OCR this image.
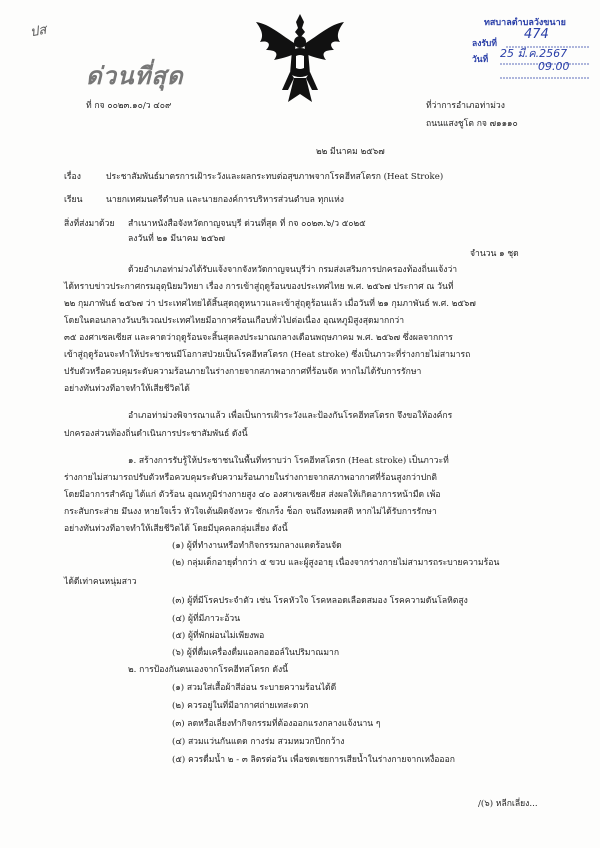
ปส
ด่วนที่สุด
ทสบาลตำบลวังขนาย
ลงรับที่
474
วันที่ 25 มี.ค.2567
09.00
ที่ กจ ๐๐๒๓.๑๐/ว ๔๐๙	ที่ว่าการอำเภอท่าม่วง
ถนนแสงชูโต กจ ๗๑๑๑๐
๒๒ มีนาคม ๒๕๖๗
เรื่อง	ประชาสัมพันธ์มาตรการเฝ้าระวังและผลกระทบต่อสุขภาพจากโรคฮีทสโตรก (Heat Stroke)
เรียน	นายกเทศมนตรีตำบล และนายกองค์การบริหารส่วนตำบล ทุกแห่ง
สิ่งที่ส่งมาด้วย สำเนาหนังสือจังหวัดกาญจนบุรี ด่วนที่สุด ที่ กจ ๐๐๒๓.๖/ว ๕๐๒๕
ลงวันที่ ๒๑ มีนาคม ๒๕๖๗
จำนวน ๑ ชุด
ด้วยอำเภอท่าม่วงได้รับแจ้งจากจังหวัดกาญจนบุรีว่า กรมส่งเสริมการปกครองท้องถิ่นแจ้งว่า
ได้ทราบข่าวประกาศกรมอุตุนิยมวิทยา เรื่อง การเข้าสู่ฤดูร้อนของประเทศไทย พ.ศ. ๒๕๖๗ ประกาศ ณ วันที่
๒๒ กุมภาพันธ์ ๒๕๖๗ ว่า ประเทศไทยได้สิ้นสุดฤดูหนาวและเข้าสู่ฤดูร้อนแล้ว เมื่อวันที่ ๒๑ กุมภาพันธ์ พ.ศ. ๒๕๖๗
โดยในตอนกลางวันบริเวณประเทศไทยมีอากาศร้อนเกือบทั่วไปต่อเนื่อง อุณหภูมิสูงสุดมากกว่า
๓๕ องศาเซลเซียส และคาดว่าฤดูร้อนจะสิ้นสุดลงประมาณกลางเดือนพฤษภาคม พ.ศ. ๒๕๖๗ ซึ่งผลจากการ
เข้าสู่ฤดูร้อนจะทำให้ประชาชนมีโอกาสป่วยเป็นโรคฮีทสโตรก (Heat stroke) ซึ่งเป็นภาวะที่ร่างกายไม่สามารถ
ปรับตัวหรือควบคุมระดับความร้อนภายในร่างกายจากสภาพอากาศที่ร้อนจัด หากไม่ได้รับการรักษา
อย่างทันท่วงทีอาจทำให้เสียชีวิตได้
อำเภอท่าม่วงพิจารณาแล้ว เพื่อเป็นการเฝ้าระวังและป้องกันโรคฮีทสโตรก จึงขอให้องค์กร
ปกครองส่วนท้องถิ่นดำเนินการประชาสัมพันธ์ ดังนี้
๑. สร้างการรับรู้ให้ประชาชนในพื้นที่ทราบว่า โรคฮีทสโตรก (Heat stroke) เป็นภาวะที่
ร่างกายไม่สามารถปรับตัวหรือควบคุมระดับความร้อนภายในร่างกายจากสภาพอากาศที่ร้อนสูงกว่าปกติ
โดยมีอาการสำคัญ ได้แก่ ตัวร้อน อุณหภูมิร่างกายสูง ๔๐ องศาเซลเซียส ส่งผลให้เกิดอาการหน้ามืด เพ้อ
กระสับกระส่าย มึนงง หายใจเร็ว หัวใจเต้นผิดจังหวะ ชักเกร็ง ช็อก จนถึงหมดสติ หากไม่ได้รับการรักษา
อย่างทันท่วงทีอาจทำให้เสียชีวิตได้ โดยมีบุคคลกลุ่มเสี่ยง ดังนี้
(๑) ผู้ที่ทำงานหรือทำกิจกรรมกลางแดดร้อนจัด
(๒) กลุ่มเด็กอายุต่ำกว่า ๕ ขวบ และผู้สูงอายุ เนื่องจากร่างกายไม่สามารถระบายความร้อน
ได้ดีเท่าคนหนุ่มสาว
(๓) ผู้ที่มีโรคประจำตัว เช่น โรคหัวใจ โรคหลอดเลือดสมอง โรคความดันโลหิตสูง
(๔) ผู้ที่มีภาวะอ้วน
(๕) ผู้ที่พักผ่อนไม่เพียงพอ
(๖) ผู้ที่ดื่มเครื่องดื่มแอลกอฮอล์ในปริมาณมาก
๒. การป้องกันตนเองจากโรคฮีทสโตรก ดังนี้
(๑) สวมใส่เสื้อผ้าสีอ่อน ระบายความร้อนได้ดี
(๒) ควรอยู่ในที่มีอากาศถ่ายเทสะดวก
(๓) ลดหรือเลี่ยงทำกิจกรรมที่ต้องออกแรงกลางแจ้งนาน ๆ
(๔) สวมแว่นกันแดด กางร่ม สวมหมวกปีกกว้าง
(๕) ควรดื่มน้ำ ๒ - ๓ ลิตรต่อวัน เพื่อชดเชยการเสียน้ำในร่างกายจากเหงื่อออก
/(๖) หลีกเลี่ยง...
